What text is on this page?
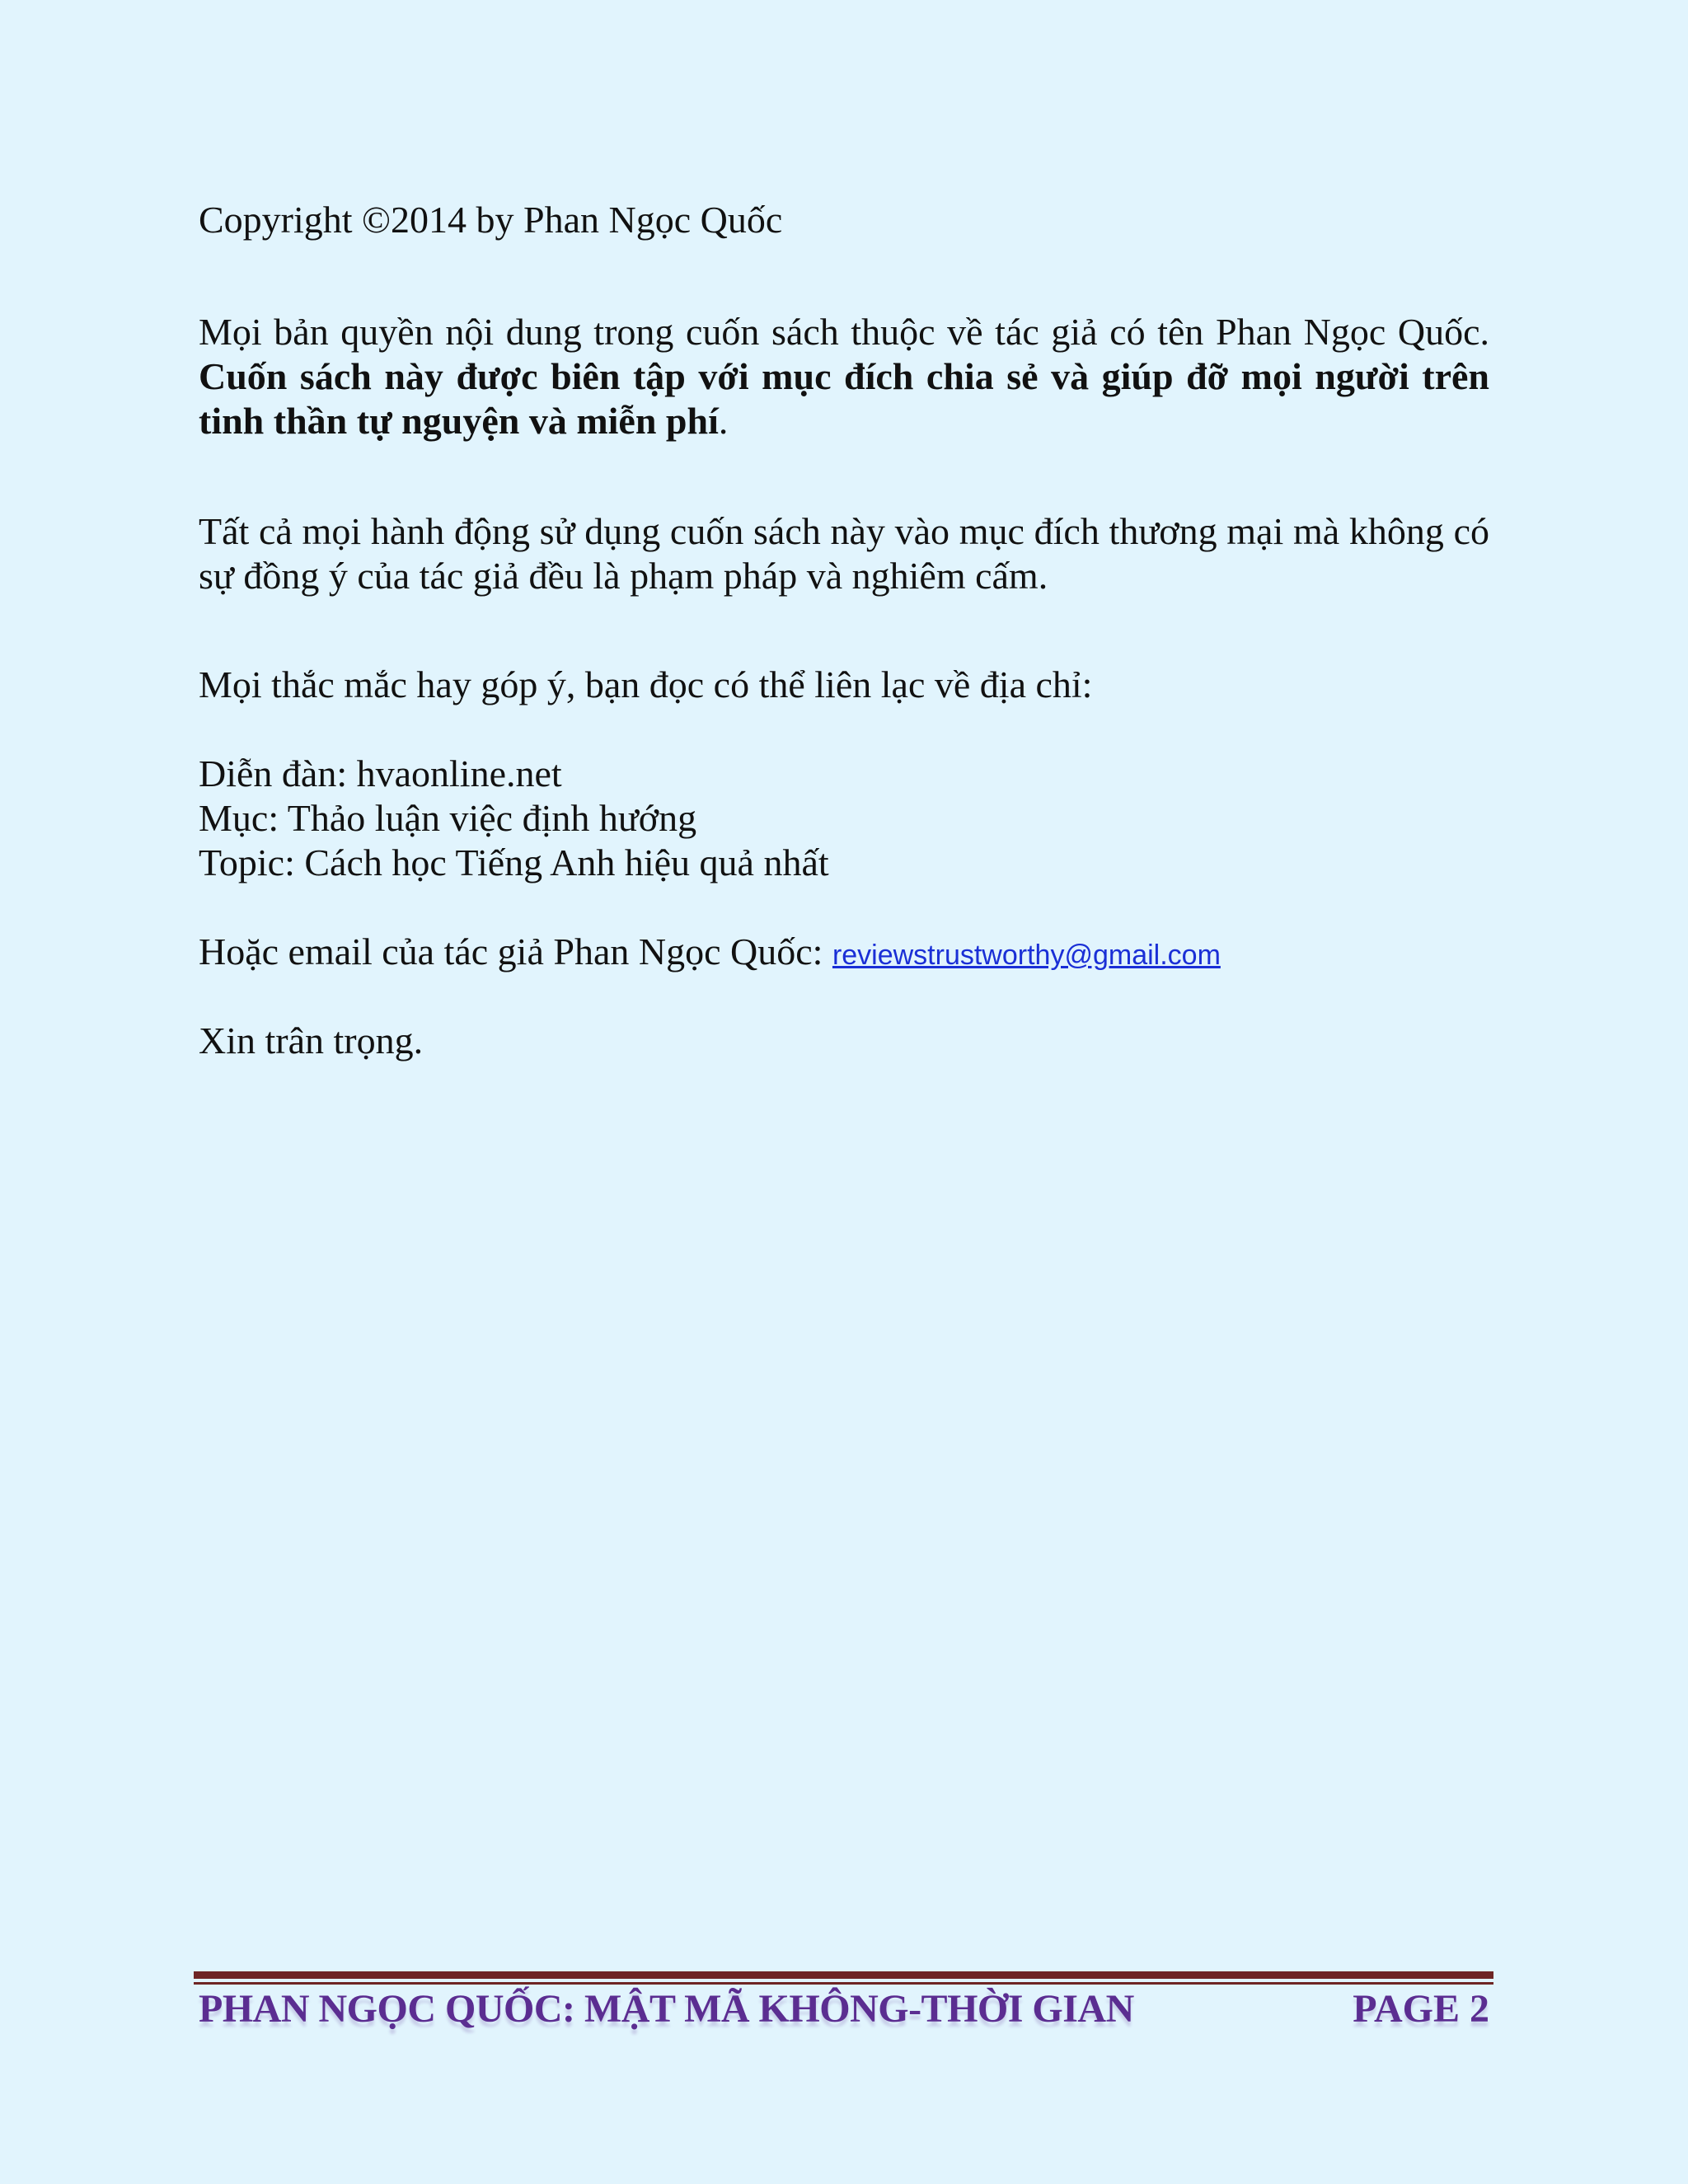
Copyright ©2014 by Phan Ngọc Quốc

Mọi bản quyền nội dung trong cuốn sách thuộc về tác giả có tên Phan Ngọc Quốc. Cuốn sách này được biên tập với mục đích chia sẻ và giúp đỡ mọi người trên tinh thần tự nguyện và miễn phí.

Tất cả mọi hành động sử dụng cuốn sách này vào mục đích thương mại mà không có sự đồng ý của tác giả đều là phạm pháp và nghiêm cấm.

Mọi thắc mắc hay góp ý, bạn đọc có thể liên lạc về địa chỉ:

Diễn đàn: hvaonline.net

Mục: Thảo luận việc định hướng

Topic: Cách học Tiếng Anh hiệu quả nhất

Hoặc email của tác giả Phan Ngọc Quốc: reviewstrustworthy@gmail.com

Xin trân trọng.

PHAN NGỌC QUỐC: MẬT MÃ KHÔNG-THỜI GIAN	PAGE 2
